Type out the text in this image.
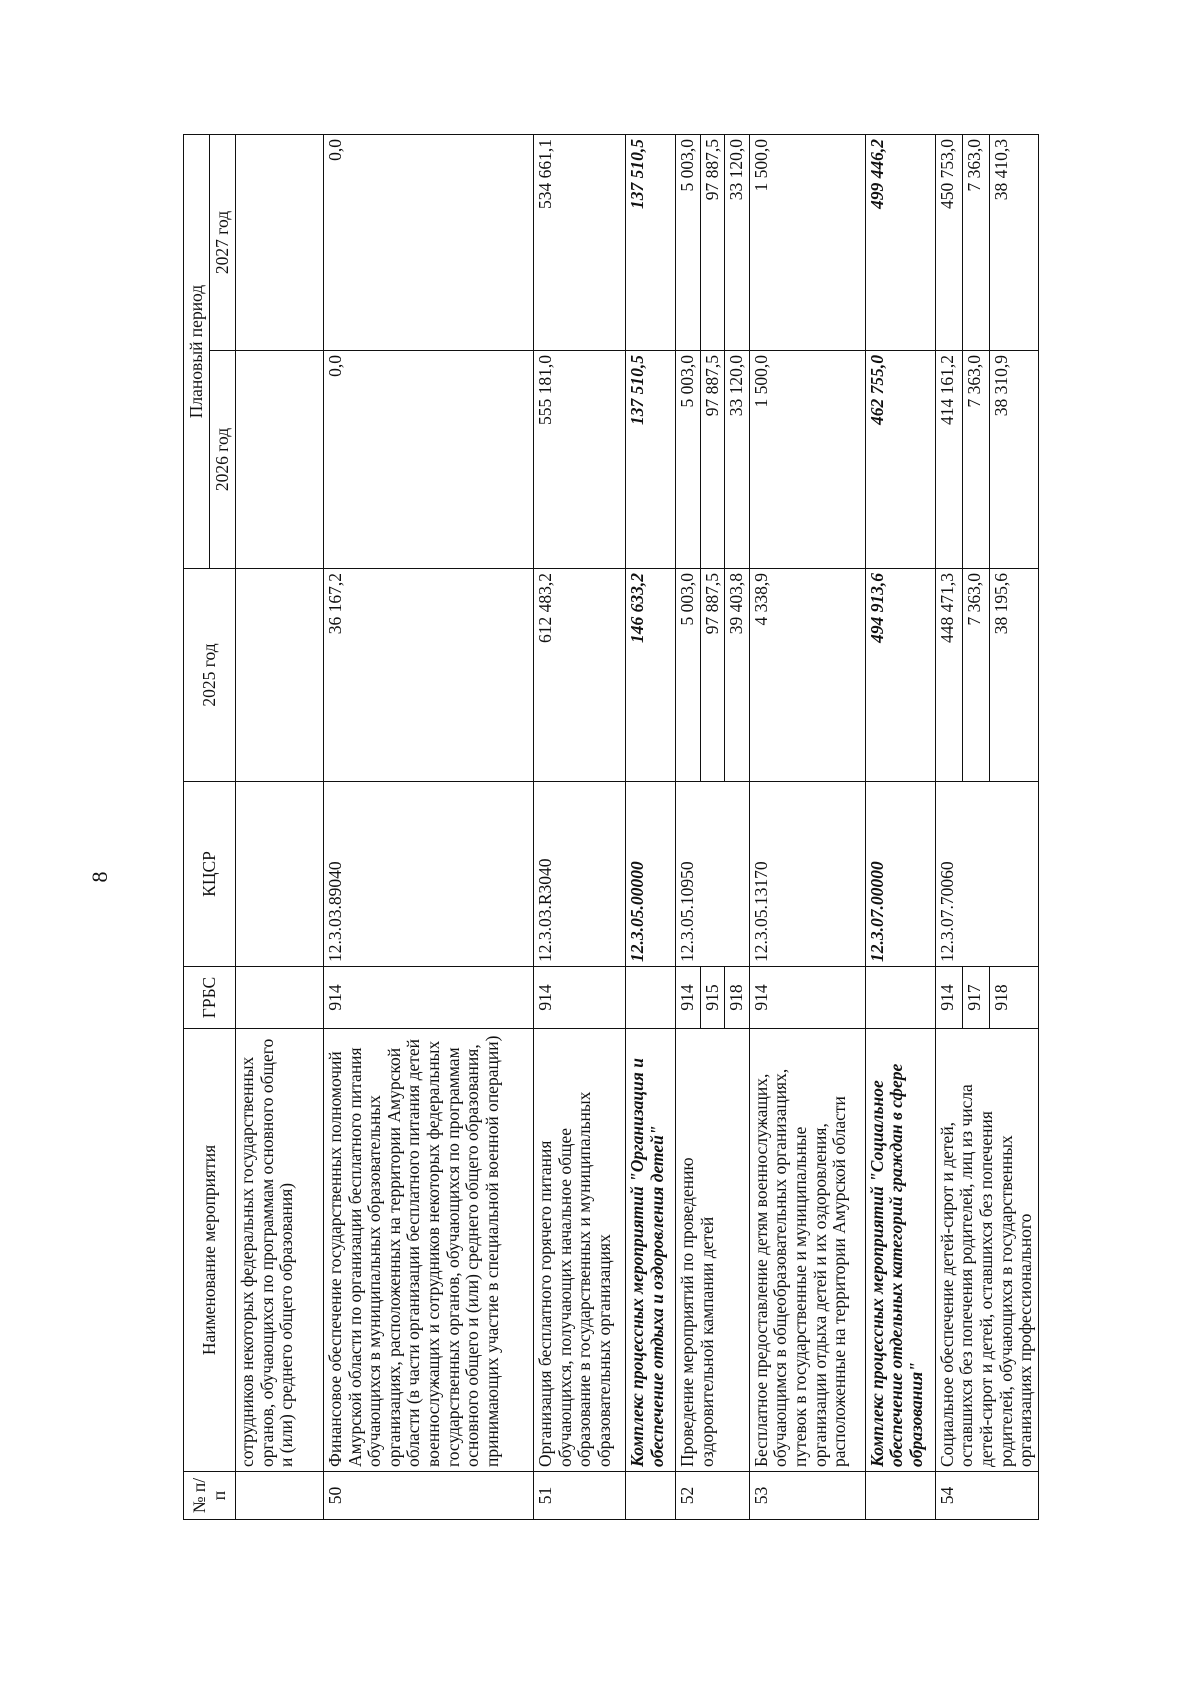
8
№ п/п	Наименование мероприятия	ГРБС	КЦСР	2025 год	Плановый период	
					2026 год	2027 год
	сотрудников некоторых федеральных государственных органов, обучающихся по программам основного общего и (или) среднего общего образования)					
50	Финансовое обеспечение государственных полномочий Амурской области по организации бесплатного питания обучающихся в муниципальных образовательных организациях, расположенных на территории Амурской области (в части организации бесплатного питания детей военнослужащих и сотрудников некоторых федеральных государственных органов, обучающихся по программам основного общего и (или) среднего общего образования, принимающих участие в специальной военной операции)	914	12.3.03.89040	36 167,2	0,0	0,0
51	Организация бесплатного горячего питания обучающихся, получающих начальное общее образование в государственных и муниципальных образовательных организациях	914	12.3.03.R3040	612 483,2	555 181,0	534 661,1
	Комплекс процессных мероприятий "Организация и обеспечение отдыха и оздоровления детей"		12.3.05.00000	146 633,2	137 510,5	137 510,5
52	Проведение мероприятий по проведению оздоровительной кампании детей	914	12.3.05.10950	5 003,0	5 003,0	5 003,0
		915		97 887,5	97 887,5	97 887,5
		918		39 403,8	33 120,0	33 120,0
53	Бесплатное предоставление детям военнослужащих, обучающимся в общеобразовательных организациях, путевок в государственные и муниципальные организации отдыха детей и их оздоровления, расположенные на территории Амурской области	914	12.3.05.13170	4 338,9	1 500,0	1 500,0
	Комплекс процессных мероприятий "Социальное обеспечение отдельных категорий граждан в сфере образования"		12.3.07.00000	494 913,6	462 755,0	499 446,2
54	Социальное обеспечение детей-сирот и детей, оставшихся без попечения родителей, лиц из числа детей-сирот и детей, оставшихся без попечения родителей, обучающихся в государственных организациях профессионального	914	12.3.07.70060	448 471,3	414 161,2	450 753,0
		917		7 363,0	7 363,0	7 363,0
		918		38 195,6	38 310,9	38 410,3
